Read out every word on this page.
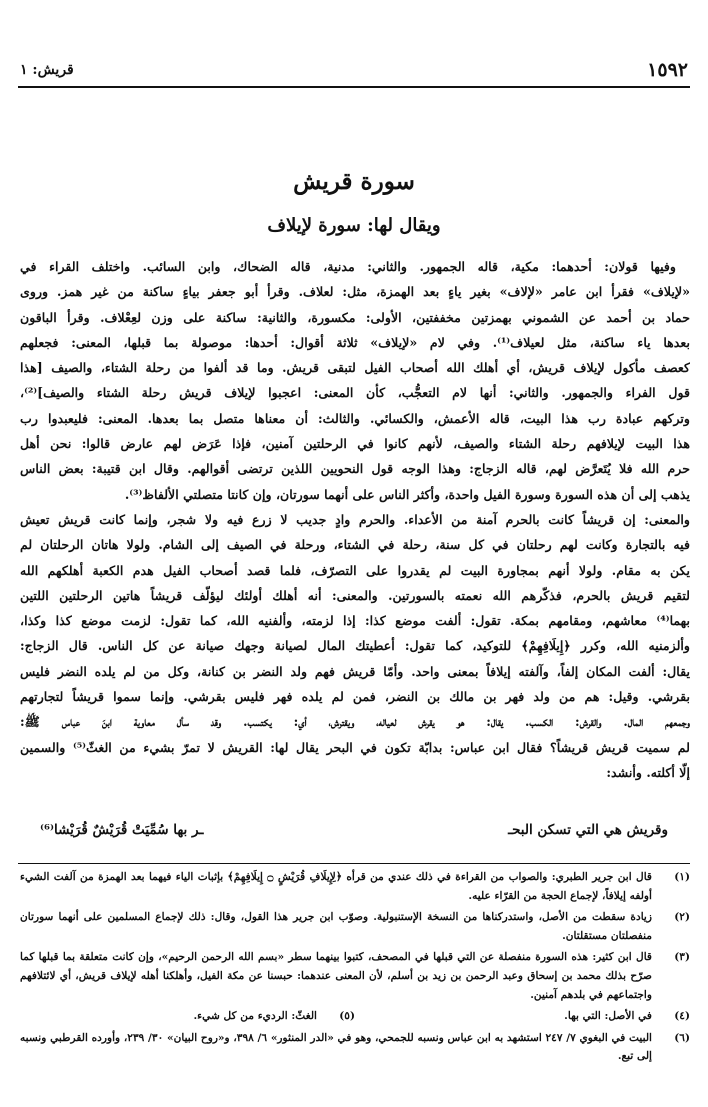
قريش: ١	١٥٩٢
سورة قريش
ويقال لها: سورة لإيلاف
وفيها قولان: أحدهما: مكية، قاله الجمهور. والثاني: مدنية، قاله الضحاك، وابن السائب. واختلف القراء في
«لإيلاف» فقرأ ابن عامر «لإلاف» بغير ياءٍ بعد الهمزة، مثل: لعلاف. وقرأ أبو جعفر بياءٍ ساكنة من غير همز. وروى
حماد بن أحمد عن الشموني بهمزتين مخففتين، الأولى: مكسورة، والثانية: ساكنة على وزن لعِعْلاف. وقرأ الباقون
بعدها ياء ساكنة، مثل لعيلاف⁽¹⁾. وفي لام «لإيلاف» ثلاثة أقوال: أحدها: موصولة بما قبلها، المعنى: فجعلهم
كعصف مأكول لإيلاف قريش، أي أهلك الله أصحاب الفيل لتبقى قريش. وما قد ألفوا من رحلة الشتاء، والصيف [هذا
قول الفراء والجمهور. والثاني: أنها لام التعجُّب، كأن المعنى: اعجبوا لإيلاف قريش رحلة الشتاء والصيف]⁽²⁾،
وتركهم عبادة رب هذا البيت، قاله الأعمش، والكسائي. والثالث: أن معناها متصل بما بعدها. المعنى: فليعبدوا رب
هذا البيت لإيلافهم رحلة الشتاء والصيف، لأنهم كانوا في الرحلتين آمنين، فإذا عَرَض لهم عارض قالوا: نحن أهل
حرم الله فلا يُتَعرَّض لهم، قاله الزجاج: وهذا الوجه قول النحويين اللذين ترتضى أقوالهم. وقال ابن قتيبة: بعض الناس
يذهب إلى أن هذه السورة وسورة الفيل واحدة، وأكثر الناس على أنهما سورتان، وإن كانتا متصلتي الألفاظ⁽³⁾.
والمعنى: إن قريشاً كانت بالحرم آمنة من الأعداء. والحرم وادٍ جديب لا زرع فيه ولا شجر، وإنما كانت قريش تعيش
فيه بالتجارة وكانت لهم رحلتان في كل سنة، رحلة في الشتاء، ورحلة في الصيف إلى الشام. ولولا هاتان الرحلتان لم
يكن به مقام. ولولا أنهم بمجاورة البيت لم يقدروا على التصرّف، فلما قصد أصحاب الفيل هدم الكعبة أهلكهم الله
لتقيم قريش بالحرم، فذكّرهم الله نعمته بالسورتين. والمعنى: أنه أهلك أولئك ليؤلّف قريشاً هاتين الرحلتين اللتين
بهما⁽⁴⁾ معاشهم، ومقامهم بمكة. تقول: ألفت موضع كذا: إذا لزمته، وألفنيه الله، كما تقول: لزمت موضع كذا وكذا،
وألزمنيه الله، وكرر ﴿إِيلَافِهِمْ﴾ للتوكيد، كما تقول: أعطيتك المال لصيانة وجهك صيانة عن كل الناس. قال الزجاج:
يقال: ألفت المكان إلفاً، وآلفته إيلافاً بمعنى واحد. وأمّا قريش فهم ولد النضر بن كنانة، وكل من لم يلده النضر فليس
بقرشي. وقيل: هم من ولد فهر بن مالك بن النضر، فمن لم يلده فهر فليس بقرشي. وإنما سموا قريشاً لتجارتهم
وجمعهم المال. والقرش: الكسب. يقال: هو يقرش لعياله، ويقترش، أي: يكتسب. وقد سأل معاوية ابنَ عباس ﷺ:
لم سميت قريش قريشاً؟ فقال ابن عباس: بدابّة تكون في البحر يقال لها: القريش لا تمرّ بشيء من الغثّ⁽⁵⁾ والسمين
إلّا أكلته. وأنشد:
وقريش هي التي تسكن البحـ
ـر بها سُمِّيَتْ قُرَيْشٌ قُرَيْشا⁽⁶⁾
(١)
قال ابن جرير الطبري: والصواب من القراءة في ذلك عندي من قرأه ﴿لِإِيلَافِ قُرَيْشٍ ۝ إِيلَافِهِمْ﴾ بإثبات الياء فيهما بعد الهمزة من آلفت الشيء أولفه إيلافاً، لإجماع الحجة من القرّاء عليه.
(٢)
زيادة سقطت من الأصل، واستدركناها من النسخة الإستنبولية. وصوّب ابن جرير هذا القول، وقال: ذلك لإجماع المسلمين على أنهما سورتان منفصلتان مستقلتان.
(٣)
قال ابن كثير: هذه السورة منفصلة عن التي قبلها في المصحف، كتبوا بينهما سطر «بسم الله الرحمن الرحيم»، وإن كانت متعلقة بما قبلها كما صرّح بذلك محمد بن إسحاق وعبد الرحمن بن زيد بن أسلم، لأن المعنى عندهما: حبسنا عن مكة الفيل، وأهلكنا أهله لإيلاف قريش، أي لائتلافهم واجتماعهم في بلدهم آمنين.
(٤)
في الأصل: التي بها.
(٥)
الغثّ: الرديء من كل شيء.
(٦)
البيت في البغوي ٧/ ٢٤٧ استشهد به ابن عباس ونسبه للجمحي، وهو في «الدر المنثور» ٦/ ٣٩٨، و«روح البيان» ٣٠/ ٢٣٩، وأورده القرطبي ونسبه إلى تبع.
